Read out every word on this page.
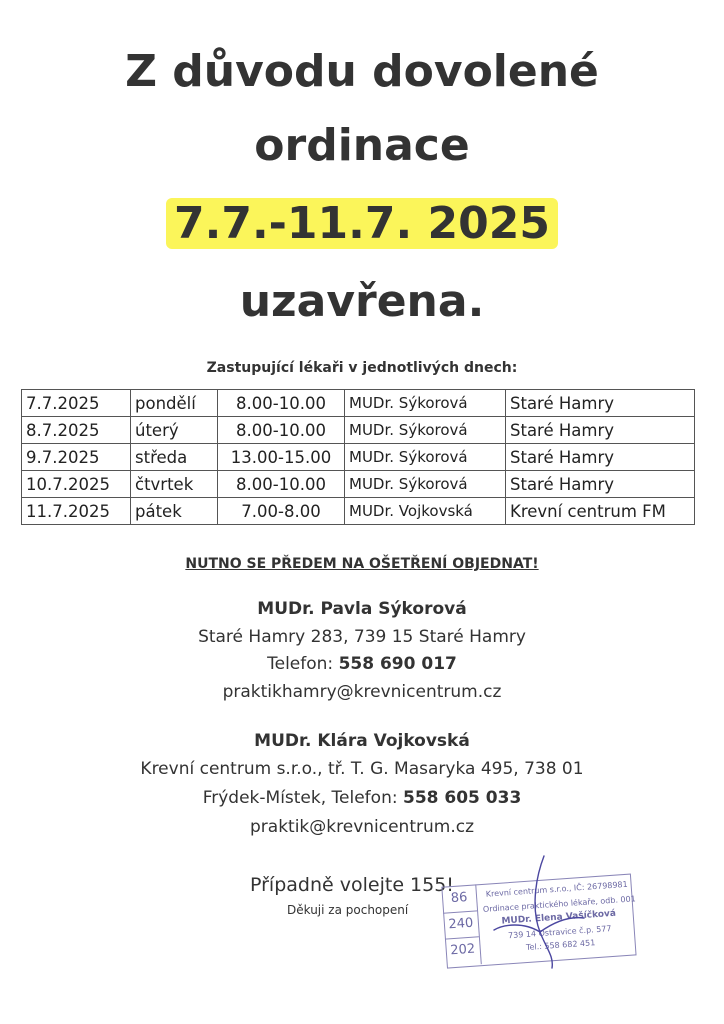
Z důvodu dovolené
ordinace
7.7.-11.7. 2025
uzavřena.
Zastupující lékaři v jednotlivých dnech:
7.7.2025	pondělí	8.00-10.00	MUDr. Sýkorová	Staré Hamry
8.7.2025	úterý	8.00-10.00	MUDr. Sýkorová	Staré Hamry
9.7.2025	středa	13.00-15.00	MUDr. Sýkorová	Staré Hamry
10.7.2025	čtvrtek	8.00-10.00	MUDr. Sýkorová	Staré Hamry
11.7.2025	pátek	7.00-8.00	MUDr. Vojkovská	Krevní centrum FM
NUTNO SE PŘEDEM NA OŠETŘENÍ OBJEDNAT!
MUDr. Pavla Sýkorová
Staré Hamry 283, 739 15 Staré Hamry
Telefon: 558 690 017
praktikhamry@krevnicentrum.cz
MUDr. Klára Vojkovská
Krevní centrum s.r.o., tř. T. G. Masaryka 495, 738 01
Frýdek-Místek, Telefon: 558 605 033
praktik@krevnicentrum.cz
Případně volejte 155!
Děkuji za pochopení
86
240
202
Krevní centrum s.r.o., IČ: 26798981
Ordinace praktického lékaře, odb. 001
MUDr. Elena Vašíčková
739 14 Ostravice č.p. 577
Tel.: 558 682 451
